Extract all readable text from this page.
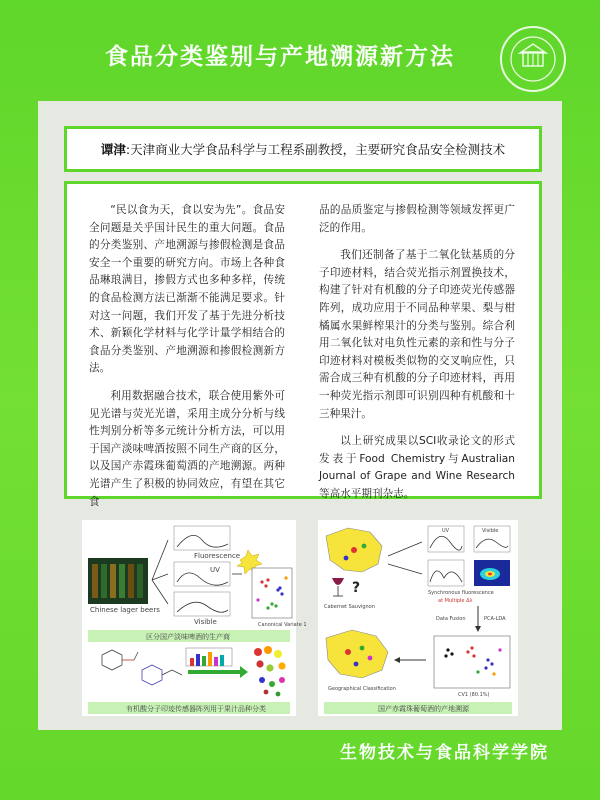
食品分类鉴别与产地溯源新方法
谭津 : 天津商业大学食品科学与工程系副教授，主要研究食品安全检测技术

“民以食为天，食以安为先”。食品安全问题是关乎国计民生的重大问题。食品的分类鉴别、产地溯源与掺假检测是食品安全一个重要的研究方向。市场上各种食品琳琅满目，掺假方式也多种多样，传统的食品检测方法已渐渐不能满足要求。针对这一问题，我们开发了基于先进分析技术、新颖化学材料与化学计量学相结合的食品分类鉴别、产地溯源和掺假检测新方法。

利用数据融合技术，联合使用紫外可见光谱与荧光光谱，采用主成分分析与线性判别分析等多元统计分析方法，可以用于国产淡味啤酒按照不同生产商的区分，以及国产赤霞珠葡萄酒的产地溯源。两种光谱产生了积极的协同效应，有望在其它食

品的品质鉴定与掺假检测等领域发挥更广泛的作用。

我们还制备了基于二氧化钛基质的分子印迹材料，结合荧光指示剂置换技术，构建了针对有机酸的分子印迹荧光传感器阵列，成功应用于不同品种苹果、梨与柑橘属水果鲜榨果汁的分类与鉴别。综合利用二氧化钛对电负性元素的亲和性与分子印迹材料对模板类似物的交叉响应性，只需合成三种有机酸的分子印迹材料，再用一种荧光指示剂即可识别四种有机酸和十三种果汁。

以上研究成果以SCI收录论文的形式发表于Food Chemistry与Australian Journal of Grape and Wine Research等高水平期刊杂志。

Chinese lager beers
Fluorescence
UV
Visible	Canonical Variate 1
区分国产淡味啤酒的生产商
有机酸分子印迹传感器阵列用于果汁品种分类
?
Cabernet Sauvignon
UV	Visible
Synchronous fluorescence
at Multiple Δλ
Data Fusion	PCA-LDA
Geographical Classification
CV1 (80.1%)
国产赤霞珠葡萄酒的产地溯源
生物技术与食品科学学院
